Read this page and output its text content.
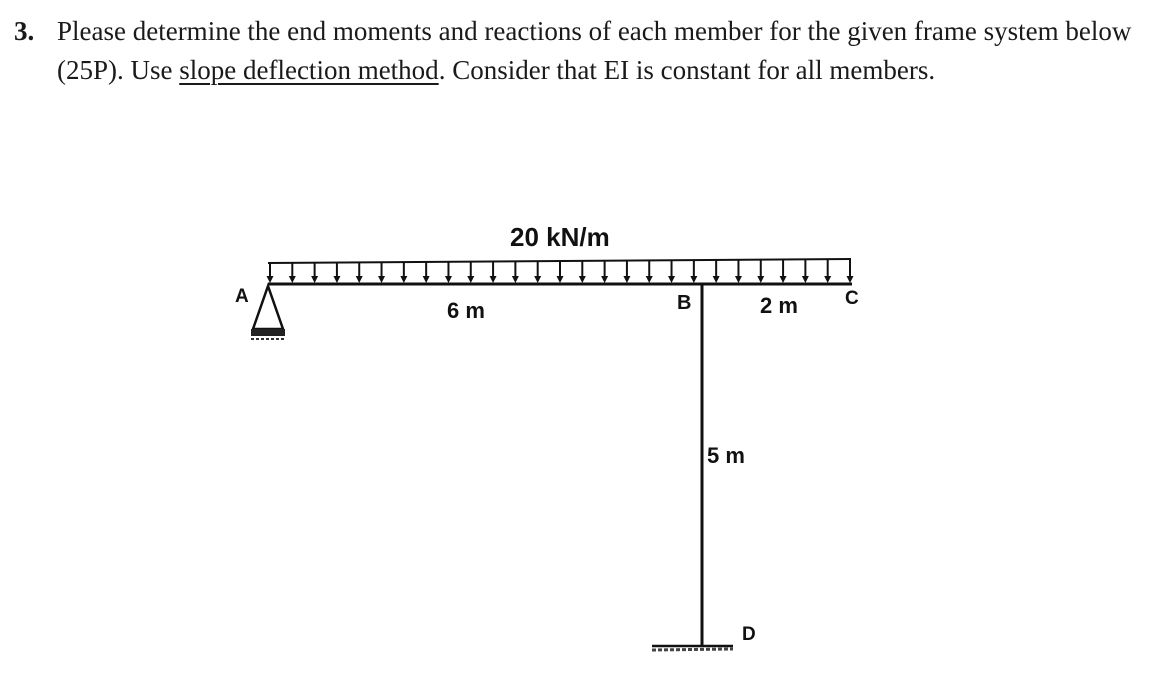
3. Please determine the end moments and reactions of each member for the given frame system below (25P). Use slope deflection method. Consider that EI is constant for all members.
20 kN/m
6 m	2 m
5 m
A	B	C
D
